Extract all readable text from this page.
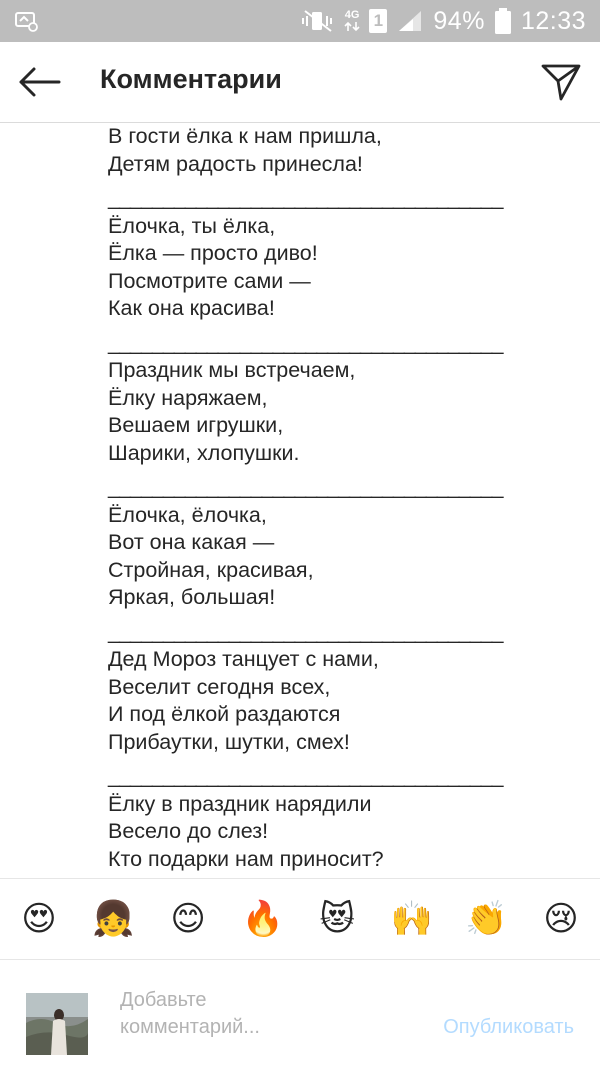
4G 1 94% 12:33
Комментарии
В гости ёлка к нам пришла,
Детям радость принесла!
____________________________________
Ёлочка, ты ёлка,
Ёлка — просто диво!
Посмотрите сами —
Как она красива!
____________________________________
Праздник мы встречаем,
Ёлку наряжаем,
Вешаем игрушки,
Шарики, хлопушки.
____________________________________
Ёлочка, ёлочка,
Вот она какая —
Стройная, красивая,
Яркая, большая!
____________________________________
Дед Мороз танцует с нами,
Веселит сегодня всех,
И под ёлкой раздаются
Прибаутки, шутки, смех!
____________________________________
Ёлку в праздник нарядили
Весело до слез!
Кто подарки нам приносит?
😍 👧 😊 🔥 😻 🙌 👏 😢
Добавьте
комментарий...	Опубликовать
